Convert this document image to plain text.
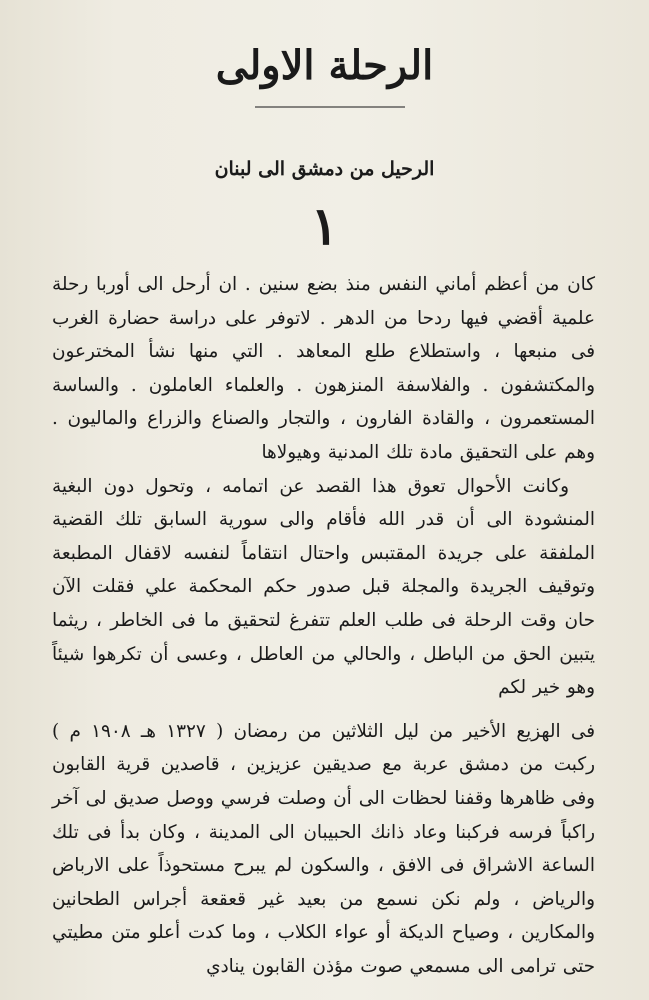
الرحلة الاولى
الرحيل من دمشق الى لبنان
١

كان من أعظم أماني النفس منذ بضع سنين . ان أرحل الى أوربا رحلة علمية أقضي فيها ردحا من الدهر . لاتوفر على دراسة حضارة الغرب فى منبعها ، واستطلاع طلع المعاهد . التي منها نشأ المخترعون والمكتشفون . والفلاسفة المنزهون . والعلماء العاملون . والساسة المستعمرون ، والقادة الفارون ، والتجار والصناع والزراع والماليون . وهم على التحقيق مادة تلك المدنية وهيولاها

وكانت الأحوال تعوق هذا القصد عن اتمامه ، وتحول دون البغية المنشودة الى أن قدر الله فأقام والى سورية السابق تلك القضية الملفقة على جريدة المقتبس واحتال انتقاماً لنفسه لاقفال المطبعة وتوقيف الجريدة والمجلة قبل صدور حكم المحكمة علي فقلت الآن حان وقت الرحلة فى طلب العلم تتفرغ لتحقيق ما فى الخاطر ، ريثما يتبين الحق من الباطل ، والحالي من العاطل ، وعسى أن تكرهوا شيئاً وهو خير لكم

فى الهزيع الأخير من ليل الثلاثين من رمضان ( ١٣٢٧ هـ ١٩٠٨ م ) ركبت من دمشق عربة مع صديقين عزيزين ، قاصدين قرية القابون وفى ظاهرها وقفنا لحظات الى أن وصلت فرسي ووصل صديق لى آخر راكباً فرسه فركبنا وعاد ذانك الحبيبان الى المدينة ، وكان بدأ فى تلك الساعة الاشراق فى الافق ، والسكون لم يبرح مستحوذاً على الارباض والرياض ، ولم نكن نسمع من بعيد غير قعقعة أجراس الطحانين والمكارين ، وصياح الديكة أو عواء الكلاب ، وما كدت أعلو متن مطيتي حتى ترامى الى مسمعي صوت مؤذن القابون ينادي
